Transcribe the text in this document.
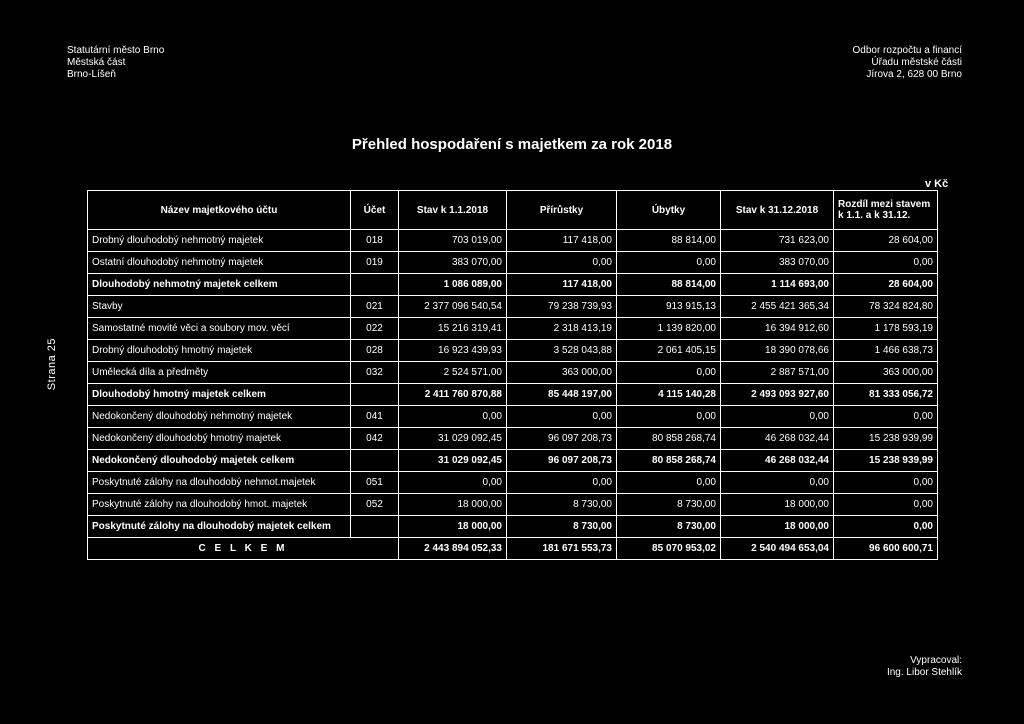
Statutární město Brno
Městská část
Brno-Líšeň
Odbor rozpočtu a financí
Úřadu městské části
Jírova 2, 628 00 Brno
Přehled hospodaření s majetkem za rok 2018
v Kč
Strana 25
Název majetkového účtu	Účet	Stav k 1.1.2018	Přírůstky	Úbytky	Stav k 31.12.2018	Rozdíl mezi stavem k 1.1. a k 31.12.
Drobný dlouhodobý nehmotný majetek	018	703 019,00	117 418,00	88 814,00	731 623,00	28 604,00
Ostatní dlouhodobý nehmotný majetek	019	383 070,00	0,00	0,00	383 070,00	0,00
Dlouhodobý nehmotný majetek celkem		1 086 089,00	117 418,00	88 814,00	1 114 693,00	28 604,00
Stavby	021	2 377 096 540,54	79 238 739,93	913 915,13	2 455 421 365,34	78 324 824,80
Samostatné movité věci a soubory mov. věcí	022	15 216 319,41	2 318 413,19	1 139 820,00	16 394 912,60	1 178 593,19
Drobný dlouhodobý hmotný majetek	028	16 923 439,93	3 528 043,88	2 061 405,15	18 390 078,66	1 466 638,73
Umělecká díla a předměty	032	2 524 571,00	363 000,00	0,00	2 887 571,00	363 000,00
Dlouhodobý hmotný majetek celkem		2 411 760 870,88	85 448 197,00	4 115 140,28	2 493 093 927,60	81 333 056,72
Nedokončený dlouhodobý nehmotný majetek	041	0,00	0,00	0,00	0,00	0,00
Nedokončený dlouhodobý hmotný majetek	042	31 029 092,45	96 097 208,73	80 858 268,74	46 268 032,44	15 238 939,99
Nedokončený dlouhodobý majetek celkem		31 029 092,45	96 097 208,73	80 858 268,74	46 268 032,44	15 238 939,99
Poskytnuté zálohy na dlouhodobý nehmot.majetek	051	0,00	0,00	0,00	0,00	0,00
Poskytnuté zálohy na dlouhodobý hmot. majetek	052	18 000,00	8 730,00	8 730,00	18 000,00	0,00
Poskytnuté zálohy na dlouhodobý majetek celkem		18 000,00	8 730,00	8 730,00	18 000,00	0,00
C E L K E M		2 443 894 052,33	181 671 553,73	85 070 953,02	2 540 494 653,04	96 600 600,71
Vypracoval:
Ing. Libor Stehlík
